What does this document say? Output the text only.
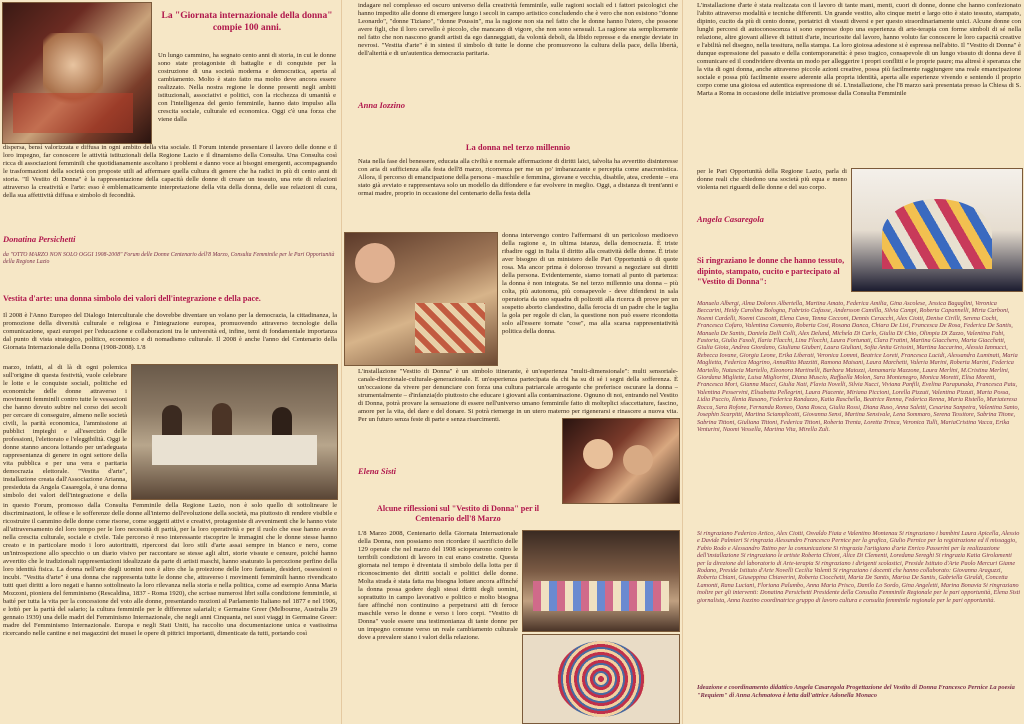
La "Giornata internazionale della donna" compie 100 anni.

Un lungo cammino, ha segnato cento anni di storia, in cui le donne sono state protagoniste di battaglie e di conquiste per la costruzione di una società moderna e democratica, aperta al cambiamento. Molto è stato fatto ma molto deve ancora essere realizzato. Nella nostra regione le donne presenti negli ambiti istituzionali, associativi e politici, con la ricchezza di umanità e con l'intelligenza del genio femminile, hanno dato impulso alla crescita sociale, culturale ed economica. Oggi c'è una forza che viene dalla

dispersa, bensì valorizzata e diffusa in ogni ambito della vita sociale. Il Forum intende presentare il lavoro delle donne e il loro impegno, far conoscere le attività istituzionali della Regione Lazio e il dinamismo della Consulta. Una Consulta così ricca di associazioni femminili che quotidianamente ascoltano i problemi e danno voce ai bisogni emergenti, accompagnando le trasformazioni della società con proposte utili ad affermare quella cultura di genere che ha radici in più di cento anni di storia. "Il Vestito di Donna" è la rappresentazione della capacità delle donne di creare un tessuto, una rete di relazioni attraverso la creatività e l'arte: esso è emblematicamente interpretazione della vita della donna, delle sue relazioni di cura, della sua affettività diffusa e simbolo di fecondità.

Donatina Persichetti
da "OTTO MARZO NON SOLO OGGI 1908-2008" Forum delle Donne Centenario dell'8 Marzo, Consulta Femminile per le Pari Opportunità della Regione Lazio
Vestita d'arte: una donna simbolo dei valori dell'integrazione e della pace.

Il 2008 è l'Anno Europeo del Dialogo Interculturale che dovrebbe diventare un volano per la democrazia, la cittadinanza, la promozione della diversità culturale e religiosa e l'integrazione europea, promuovendo attraverso tecnologie della comunicazione, spazi europei per l'educazione e collaborazioni tra le università ed, infine, temi di fondamentale importanza dal punto di vista strategico, politico, economico e di nomadismo culturale. Il 2008 è anche l'anno del Centenario della Giornata Internazionale della Donna (1908-2008). L'8

marzo, infatti, al di là di ogni polemica sull'origine di questa festività, vuole celebrare le lotte e le conquiste sociali, politiche ed economiche delle donne attraverso i movimenti femminili contro tutte le vessazioni che hanno dovuto subire nel corso dei secoli per cercare di conseguire, almeno nelle società civili, la parità economica, l'ammissione ai pubblici impieghi e all'esercizio delle professioni, l'elettorato e l'eleggibilità. Oggi le donne stanno ancora lottando per un'adeguata rappresentanza di genere in ogni settore della vita pubblica e per una vera e paritaria democrazia elettorale. "Vestita d'arte", installazione creata dall'Associazione Arianna, presieduta da Angela Casaregola, è una donna simbolo dei valori dell'integrazione e della

in questo Forum, promosso dalla Consulta Femminile della Regione Lazio, non è solo quello di sottolineare le discriminazioni, le offese e le sofferenze delle donne all'interno dell'evoluzione della società, ma piuttosto di rendere visibile e ricostruire il cammino delle donne come risorse, come soggetti attivi e creativi, protagoniste di avvenimenti che le hanno viste all'attraversamento del loro tempo per le loro necessità di parità, per la loro operatività e per il ruolo che esse hanno avuto nella crescita culturale, sociale e civile. Tale percorso è reso interessante riscoprire le immagini che le donne stesse hanno creato e in particolare modo i loro autoritratti, ripercorsi dai loro stili d'arte assai sempre in bianco e nero, come un'introspezione allo specchio o un diario visivo per raccontare se stesse agli altri, storie vissute e censure, poiché hanno avvertito che le tradizionali rappresentazioni idealizzate da parte di artisti maschi, hanno snaturato la percezione perfino della loro identità fisica. La donna nell'arte degli uomini non è altro che la proiezione delle loro fantasie, desideri, ossessioni o incubi. "Vestita d'arte" è una donna che rappresenta tutte le donne che, attraverso i movimenti femminili hanno rivendicato tutti quei diritti a loro negati e hanno sottolineato la loro rilevanza nella storia e nella politica, come ad esempio Anna Maria Mozzoni, pioniera del femminismo (Rescaldina, 1837 - Roma 1920), che scrisse numerosi libri sulla condizione femminile, si batté per tutta la vita per la concessione del voto alle donne, presentando mozioni al Parlamento Italiano nel 1877 e nel 1906, e lottò per la parità del salario; la cultura femminile per le differenze salariali; e Germaine Greer (Melbourne, Australia 29 gennaio 1939) una delle madri del Femminismo Internazionale, che negli anni Cinquanta, nei suoi viaggi in Germaine Greer: madre del Femminismo Internazionale. Europa e negli Stati Uniti, ha raccolto una documentazione unica e vastissima ricercando nelle cantine e nei magazzini dei musei le opere di pittrici importanti, dimenticate da tutti, portando così

indagare nel complesso ed oscuro universo della creatività femminile, sulle ragioni sociali ed i fattori psicologici che hanno impedito alle donne di emergere lungo i secoli in campo artistico concludendo che è vero che non esistono "donne Leonardo", "donne Tiziano", "donne Poussin", ma la ragione non sta nel fatto che le donne hanno l'utero, che possone avere figli, che il loro cervello è piccolo, che mancano di vigore, che non sono sensuali. La ragione sta semplicemente nel fatto che non nascono grandi artisti da ego danneggiati, da volontà deboli, da libido represse e da energie deviate in nevrosi. "Vestita d'arte" è in sintesi il simbolo di tutte le donne che promuovono la cultura della pace, della libertà, dell'alterità e di un'autentica democrazia paritaria.

Anna Iozzino
La donna nel terzo millennio

Nata nella fase del benessere, educata alla civiltà e normale affermazione di diritti laici, talvolta ha avvertito disinteresse con aria di sufficienza alla festa dell'8 marzo, ricorrenza per me un po' imbarazzante e percepita come anacronistica. Allora, il percorso di emancipazione della persona - maschile e femmina, giovane e vecchia, disabile, atea, credente – era stato già avviato e rappresentava solo un modello da diffondere e far evolvere in meglio. Oggi, a distanza di trent'anni e ormai madre, proprio in occasione del centenario della festa della

donna intervengo contro l'affermarsi di un pericoloso medioevo della ragione e, in ultima istanza, della democrazia. È triste ribadire oggi in Italia il diritto alla creatività delle donne. È triste aver bisogno di un ministero delle Pari Opportunità o di quote rosa. Ma ancor prima è doloroso trovarsi a negoziare sui diritti della persona. Evidentemente, siamo tornati al punto di partenza: la donna è non integrata. Se nel terzo millennio una donna – più colta, più autonoma, più consapevole - deve difendersi in sala operatoria da uno squadra di polizotti alla ricerca di prove per un sospetto aborto clandestino, dalla ferocia di un padre che le taglia la gola per regole di clan, la questione non può essere ricondotta solo all'essere tornate "cose", ma alla scarsa rappresentatività politica della donna.

L'installazione "Vestito di Donna" è un simbolo itinerante, è un'esperienza "multi-dimensionale": multi sensoriale-canale-direzionale-culturale-generazionale. E un'esperienza partecipata da chi ha su di sé i segni della sofferenza. È un'occasione da vivere per denunciare con forza una cultura patriarcale arrogante che preferisce oscurare la donna – strumentalmente – d'infanzia(do piuttosto che educare i giovani alla contaminazione. Ognuno di noi, entrando nel Vestito di Donna, potrà provare la sensazione di essere nell'universo umano femminile fatto di molteplici sfaccettature, fascino, amore per la vita, del dare e del donare. Si potrà riemerge in un utero materno per rigenerarsi e rinascere a nuova vita. Per un futuro senza feste di parte e senza risarcimenti.

Elena Sisti
Alcune riflessioni sul "Vestito di Donna" per il Centenario dell'8 Marzo

L'8 Marzo 2008, Centenario della Giornata Internazionale della Donna, non possiamo non ricordare il sacrificio delle 129 operaie che nel marzo del 1908 scioperarono contro le terribili condizioni di lavoro in cui erano costrette. Questa giornata nel tempo è diventata il simbolo della lotta per il riconoscimento dei diritti sociali e politici delle donne. Molta strada è stata fatta ma bisogna lottare ancora affinché la donna possa godere degli stessi diritti degli uomini, soprattutto in campo lavorativo e politico e molto bisogna fare affinché non continuino a perpetrarsi atti di feroce maschile verso le donne e verso i loro corpi. "Vestito di Donna" vuole essere una testimonianza di tante donne per un impegno comune verso un reale cambiamento culturale dove a prevalere siano i valori della relazione.

L'installazione d'arte è stata realizzata con il lavoro di tante mani, menti, cuori di donne, donne che hanno confezionato l'abito attraverso modalità e tecniche differenti. Un grande vestito, alto cinque metri e largo otto è stato tessuto, stampato, dipinto, cucito da più di cento donne, portatrici di vissuti diversi e per questo straordinariamente unici. Alcune donne con lunghi percorsi di autoconoscenza si sono espresse dopo una esperienza di arte-terapia con forme simboli di sé nella relazione, altre giovani allieve di istituti d'arte, incuriosite dal lavoro, hanno voluto far conoscere le loro capacità creative e l'abilità nel disegno, nella tessitura, nella stampa. La loro gioiosa adesione si è espressa nell'abito. Il "Vestito di Donna" è dunque espressione del passato e della contemporaneità: è peso tragico, consapevole di un lungo vissuto di donna deve il comunicare ed il condividere diventa un modo per alleggerire i propri conflitti e le proprie paure; ma altresì è speranza che la vita di ogni donna, anche attraverso piccole azioni creative, possa più facilmente raggiungere una reale emancipazione sociale e possa più facilmente essere aderente alla propria identità, aperta alle esperienze vivendo e sentendo il proprio corpo come una gioiosa ed autentica espressione di sé. L'installazione, che l'8 marzo sarà presentata presso la Chiesa di S. Marta a Roma in occasione delle iniziative promosse dalla Consulta Femminile

per le Pari Opportunità della Regione Lazio, parla di donne reali che chiedono una società più equa e meno violenta nei riguardi delle donne e del suo corpo.

Angela Casaregola
Si ringraziano le donne che hanno tessuto, dipinto, stampato, cucito e partecipato al "Vestito di Donna":

Manuela Albergi, Alma Dolores Albertella, Martina Amato, Federica Amilia, Gina Ascolese, Jessica Bagaglini, Veronica Beccarini, Heidy Carolina Bologna, Fabrizio Cafasse, Andersson Camilla, Silvia Campi, Roberta Capannelli, Mirta Carboni, Noemi Cardelli, Noemi Cascotti, Elena Cava, Tenna Cecconi, Dennis Ceracchi, Alex Ciotti, Denise Cirilli, Serena Cochi, Francesca Cofaro, Valentina Comanio, Roberta Cosi, Rosana Danca, Chiara De Lisi, Francesca De Rosa, Federica De Santis, Manuela De Santis, Daniela Delli Colli, Alex Delund, Michela Di Carlo, Giulia Di Chio, Olimpia Di Zazzo, Valentina Fabi, Fastoria, Giulia Fasoli, Ilaria Flacchi, Lina Flocchi, Laura Fortunati, Clara Fratini, Martina Giacchero, Marta Giacchetti, Giulia Gioia, Andrea Giordano, Giuliana Giuberi, Laura Giuliani, Sofia Anita Grissini, Martina Iaccarino, Alessia Iannucci, Rebecca Iovane, Giorgia Leone, Erika Liberati, Veronica Lommi, Beatrice Loreti, Francesca Lucidi, Alessandra Luminati, Maria Maglietta, Federica Magrino, AnnaRita Mazzitti, Ramona Maisani, Laura Marchetti, Valeria Marini, Roberta Marini, Federica Martello, Natascia Martello, Eleonora Martinelli, Barbara Matozzi, Annamaria Mazzone, Laura Merlini, M.Cristina Merlini, Giordana Migliette, Luisa Migliorini, Diana Muscio, Raffaella Molon, Sara Montenegro, Monica Moretti, Elisa Moretti, Francesca Mori, Gianna Mucci, Giulia Nati, Flavia Novelli, Silvia Nucci, Viviana Panfili, Evelina Parapunaka, Francesca Patu, Valentina Pesservini, Elisabetta Pellegrini, Laura Piacente, Miriana Piccioni, Lorella Pizzuti, Valentina Pizzuti, Marta Possa, Lidia Puccio, Ilenia Rasano, Federica Randazzo, Katia Raschella, Beatrice Renna, Federica Renna, Maria Ristello, Mariateresa Rocca, Sara Rofone, Fernanda Romeo, Oana Rosca, Giulia Rossi, Diana Ruso, Anna Saletti, Cesarina Sanpetra, Valentina Santo, Josephin Scarpitti, Martina Sciamplicotti, Giovanna Sensi, Martina Sensivale, Lena Sommaro, Serena Tessitore, Sabrina Titone, Sabrina Tittoni, Giuliana Tittoni, Federica Tittoni, Roberta Trenta, Loretta Trinca, Veronica Tulli, MariaCristina Vacca, Erika Venturini, Naomi Vessella, Martina Vita, Mirella Zuli.

Si ringraziano Federico Artico, Alex Ciotti, Osvaldo Fiata e Valentino Montenau Si ringraziano i bambini Laura Apicella, Alessio e Davide Palmieri Si ringrazia Alessandro Francesco Pernice per la grafica, Giulio Pernice per la registrazione ed il missaggio, Fabio Rodo e Alessandro Tatino per la comunicazione Si ringrazia l'artigiano d'arte Enrico Passerini per la realizzazione dell'installazione Si ringraziano le artiste Roberta Chioni, Alice Di Clementi, Loredana Sereghi Si ringrazia Katia Girolamenti per la direzione del laboratorio di Arte-terapia Si ringraziano i dirigenti scolastici, Preside Istituto d'Arte Paolo Mercuri Giame Rodano, Preside Istituto d'Arte Novelli Cecilia Valenti Si ringraziano i docenti che hanno collaborato: Giovanna Araguzzi, Roberta Chiani, Giuseppina Chiaverini, Roberta Ciocchetti, Maria De Santis, Marisa De Santis, Gabriella Giraldi, Concetta Lamonti, Rana Luciani, Floriana Palumbo, Anna Maria Prisco, Danilo Lo Sordo, Gina Angeletti, Marina Bonavia Si ringraziano inoltre per gli interventi: Donatina Persichetti Presidente della Consulta Femminile Regionale per le pari opportunità, Elena Sisti giornalista, Anna Iozzino coordinatrice gruppo di lavoro cultura e consulta femminile regionale per le pari opportunità.

Ideazione e coordinamento didattico Angela Casaregola Progettazione del Vestito di Donna Francesco Pernice La poesia "Requiem" di Anna Achmatova è letta dall'attrice Adonella Monaco
